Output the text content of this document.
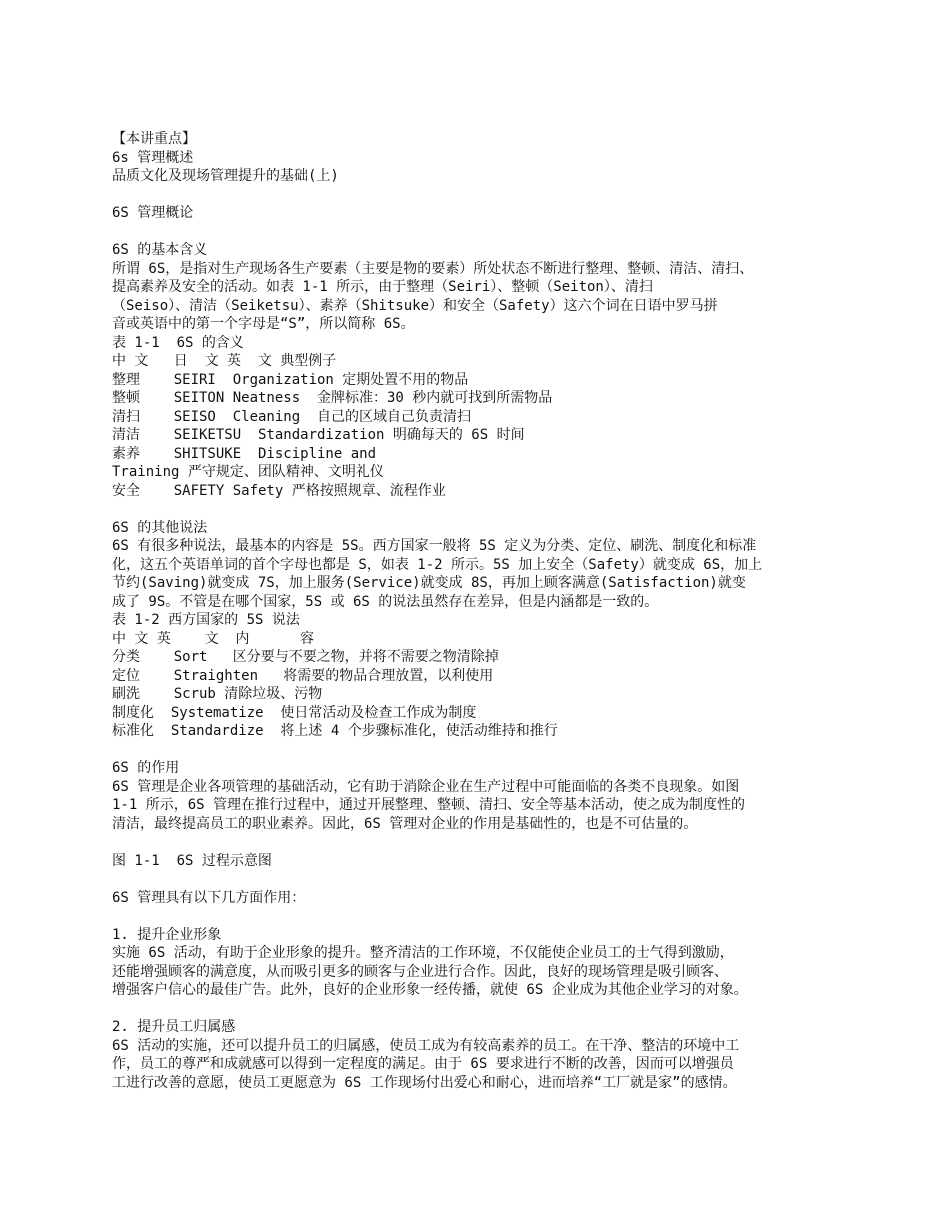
【本讲重点】
6s 管理概述
品质文化及现场管理提升的基础(上)
6S 管理概论
6S 的基本含义
所谓 6S，是指对生产现场各生产要素（主要是物的要素）所处状态不断进行整理、整顿、清洁、清扫、
提高素养及安全的活动。如表 1-1 所示，由于整理（Seiri）、整顿（Seiton）、清扫
（Seiso）、清洁（Seiketsu）、素养（Shitsuke）和安全（Safety）这六个词在日语中罗马拼
音或英语中的第一个字母是“S”，所以简称 6S。
表 1-1  6S 的含义
中 文   日  文 英  文 典型例子
整理    SEIRI  Organization 定期处置不用的物品
整顿    SEITON Neatness  金牌标准：30 秒内就可找到所需物品
清扫    SEISO  Cleaning  自己的区域自己负责清扫
清洁    SEIKETSU  Standardization 明确每天的 6S 时间
素养    SHITSUKE  Discipline and
Training 严守规定、团队精神、文明礼仪
安全    SAFETY Safety 严格按照规章、流程作业
6S 的其他说法
6S 有很多种说法，最基本的内容是 5S。西方国家一般将 5S 定义为分类、定位、刷洗、制度化和标准
化，这五个英语单词的首个字母也都是 S，如表 1-2 所示。5S 加上安全（Safety）就变成 6S，加上
节约(Saving)就变成 7S，加上服务(Service)就变成 8S，再加上顾客满意(Satisfaction)就变
成了 9S。不管是在哪个国家，5S 或 6S 的说法虽然存在差异，但是内涵都是一致的。
表 1-2 西方国家的 5S 说法
中 文 英    文  内      容
分类    Sort   区分要与不要之物，并将不需要之物清除掉
定位    Straighten   将需要的物品合理放置，以利使用
刷洗    Scrub 清除垃圾、污物
制度化  Systematize  使日常活动及检查工作成为制度
标准化  Standardize  将上述 4 个步骤标准化，使活动维持和推行
6S 的作用
6S 管理是企业各项管理的基础活动，它有助于消除企业在生产过程中可能面临的各类不良现象。如图
1-1 所示，6S 管理在推行过程中，通过开展整理、整顿、清扫、安全等基本活动，使之成为制度性的
清洁，最终提高员工的职业素养。因此，6S 管理对企业的作用是基础性的，也是不可估量的。
图 1-1  6S 过程示意图
6S 管理具有以下几方面作用：
1. 提升企业形象
实施 6S 活动，有助于企业形象的提升。整齐清洁的工作环境，不仅能使企业员工的士气得到激励，
还能增强顾客的满意度，从而吸引更多的顾客与企业进行合作。因此，良好的现场管理是吸引顾客、
增强客户信心的最佳广告。此外，良好的企业形象一经传播，就使 6S 企业成为其他企业学习的对象。
2. 提升员工归属感
6S 活动的实施，还可以提升员工的归属感，使员工成为有较高素养的员工。在干净、整洁的环境中工
作，员工的尊严和成就感可以得到一定程度的满足。由于 6S 要求进行不断的改善，因而可以增强员
工进行改善的意愿，使员工更愿意为 6S 工作现场付出爱心和耐心，进而培养“工厂就是家”的感情。
